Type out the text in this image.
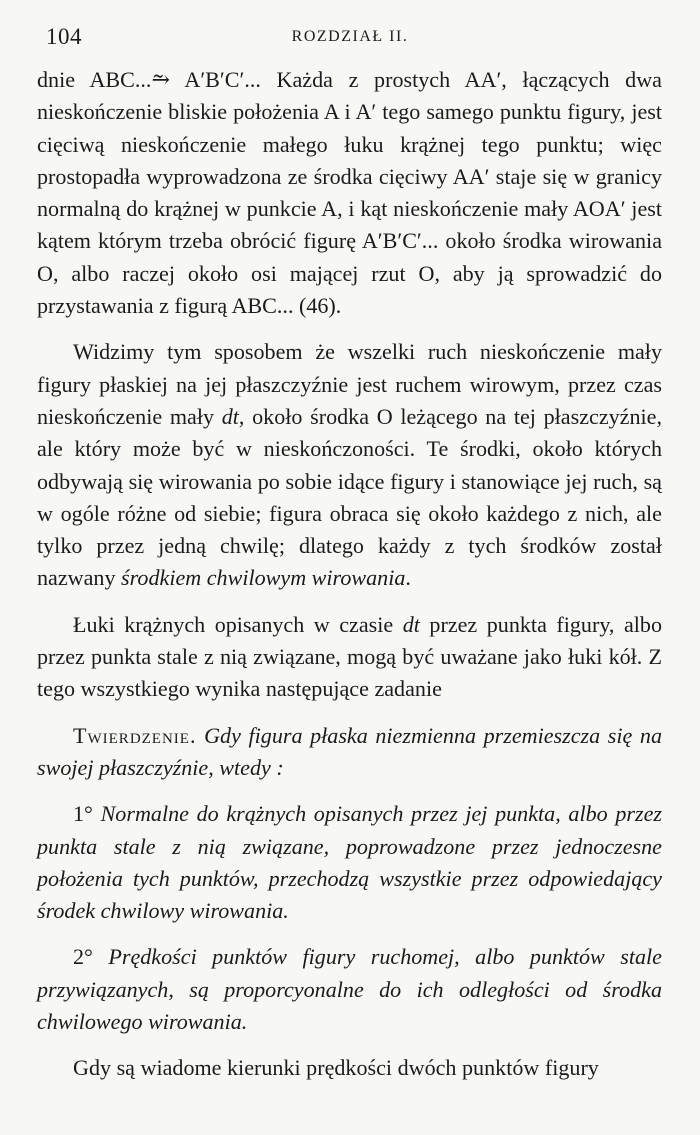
104	ROZDZIAŁ II.

dnie ABC...⥲ A′B′C′... Każda z prostych AA′, łączących dwa nieskończenie bliskie położenia A i A′ tego samego punktu figury, jest cięciwą nieskończenie małego łuku krążnej tego punktu; więc prostopadła wyprowadzona ze środka cięciwy AA′ staje się w granicy normalną do krążnej w punkcie A, i kąt nieskończenie mały AOA′ jest kątem którym trzeba obrócić figurę A′B′C′... około środka wirowania O, albo raczej około osi mającej rzut O, aby ją sprowadzić do przystawania z figurą ABC... (46).

Widzimy tym sposobem że wszelki ruch nieskończenie mały figury płaskiej na jej płaszczyźnie jest ruchem wirowym, przez czas nieskończenie mały dt, około środka O leżącego na tej płaszczyźnie, ale który może być w nieskończoności. Te środki, około których odbywają się wirowania po sobie idące figury i stanowiące jej ruch, są w ogóle różne od siebie; figura obraca się około każdego z nich, ale tylko przez jedną chwilę; dlatego każdy z tych środków został nazwany środkiem chwilowym wirowania.

Łuki krążnych opisanych w czasie dt przez punkta figury, albo przez punkta stale z nią związane, mogą być uważane jako łuki kół. Z tego wszystkiego wynika następujące zadanie

Twierdzenie. Gdy figura płaska niezmienna przemieszcza się na swojej płaszczyźnie, wtedy :

1° Normalne do krążnych opisanych przez jej punkta, albo przez punkta stale z nią związane, poprowadzone przez jednoczesne położenia tych punktów, przechodzą wszystkie przez odpowiedający środek chwilowy wirowania.

2° Prędkości punktów figury ruchomej, albo punktów stale przywiązanych, są proporcyonalne do ich odległości od środka chwilowego wirowania.

Gdy są wiadome kierunki prędkości dwóch punktów figury
